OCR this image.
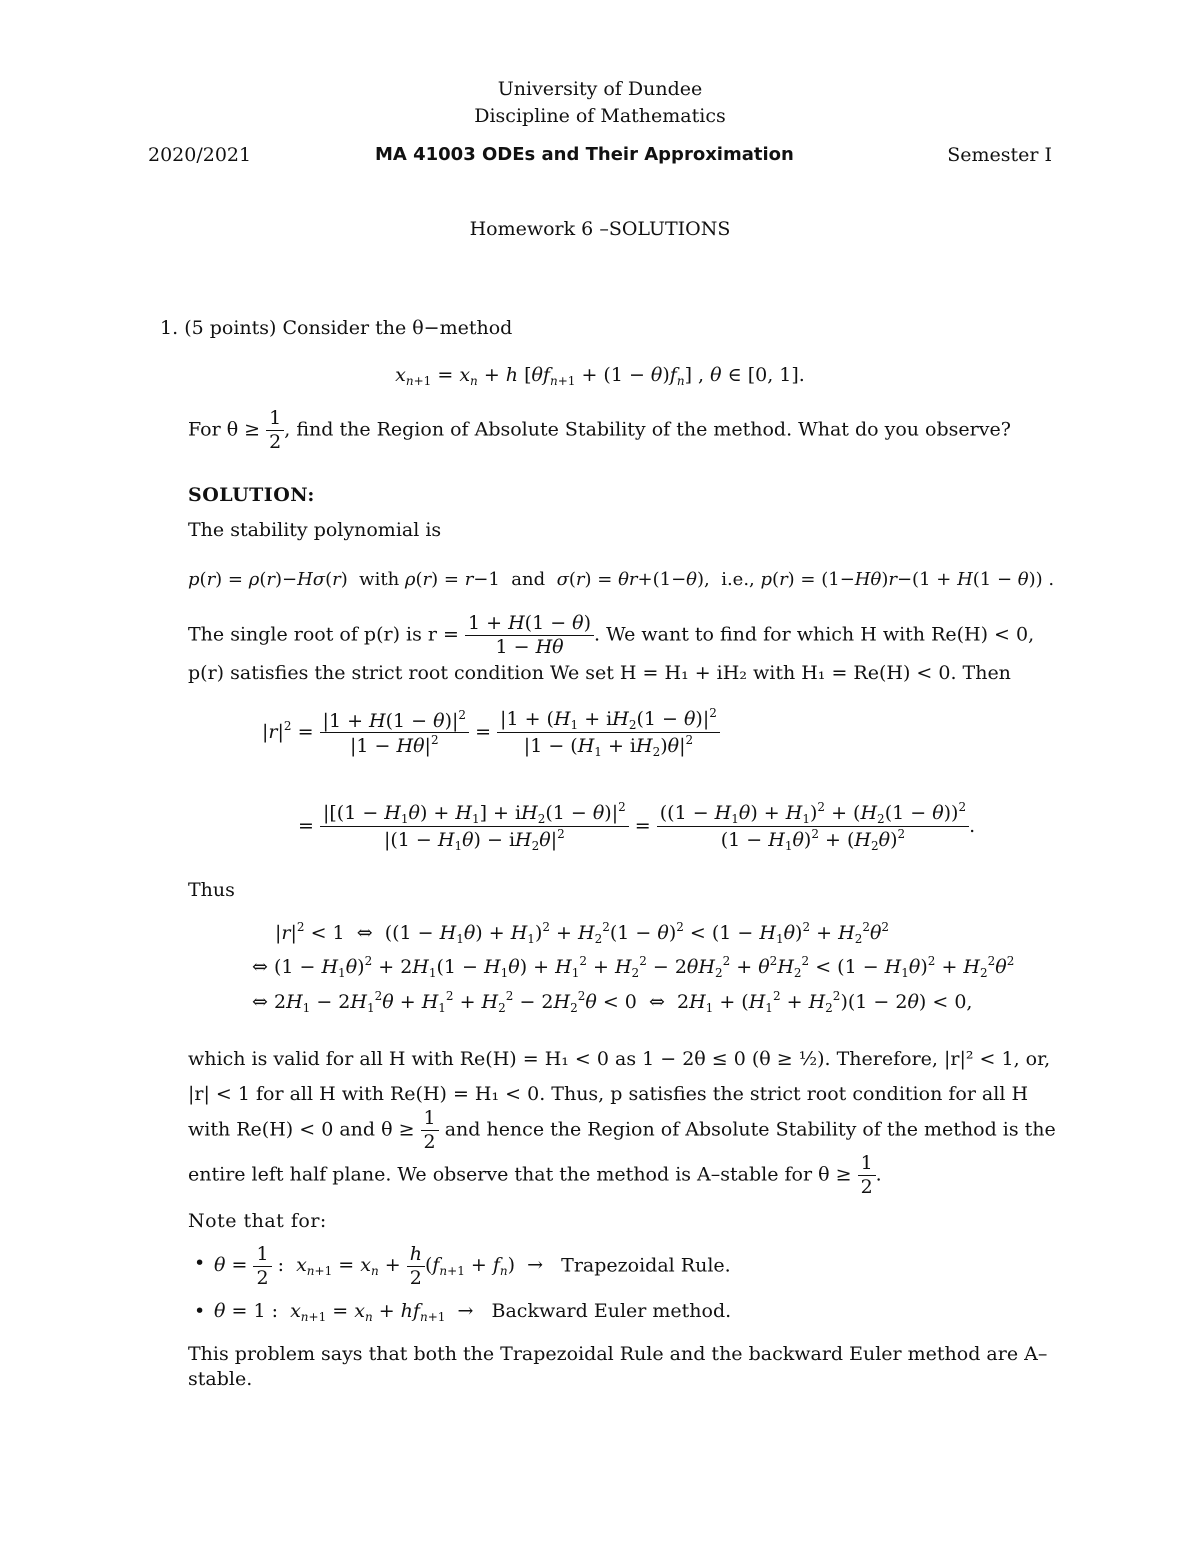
University of Dundee
Discipline of Mathematics
2020/2021	MA 41003 ODEs and Their Approximation	Semester I
Homework 6 –SOLUTIONS
1. (5 points) Consider the θ−method
$x_{n+1} = x_n + h$ $[\theta f_{n+1} + (1 - \theta)f_n]$ , θ ∈ [0, 1].
For $\theta \ge \frac{1}{2}$ , find the Region of Absolute Stability of the method. What do you observe?
SOLUTION:
The stability polynomial is
p(r) = ρ(r)−Hσ(r)  with ρ(r) = r−1  and  σ(r) = θr+(1−θ),  i.e., p(r) = (1−Hθ)r−(1 + H(1 − θ)) .
The single root of p(r) is $r = \frac{1 + H(1 - \theta)}{1 - H\theta}$ . We want to find for which H with Re(H) < 0,
p(r) satisfies the strict root condition We set H = H₁ + iH₂ with H₁ = Re(H) < 0. Then
$|r|^2 = \frac{|1 + H(1 - \theta)|^2}{|1 - H\theta|^2} = \frac{|1 + (H_1 + iH_2(1 - \theta)|^2}{|1 - (H_1 + iH_2)\theta|^2}$
= $\frac{|[(1 - H_1\theta) + H_1] + iH_2(1 - \theta)|^2}{|(1 - H_1\theta) - iH_2\theta|^2} = \frac{((1 - H_1\theta) + H_1)^2 + (H_2(1 - \theta))^2}{(1 - H_1\theta)^2 + (H_2\theta)^2}$ .
Thus
$|r|^2 < 1$  ⇔  $((1 - H_1\theta) + H_1)^2 + H_2^2(1 - \theta)^2 < (1 - H_1\theta)^2 + H_2^2\theta^2$
⇔ $(1 - H_1\theta)^2 + 2H_1(1 - H_1\theta) + H_1^2 + H_2^2 - 2\theta H_2^2 + \theta^2H_2^2 < (1 - H_1\theta)^2 + H_2^2\theta^2$
⇔ $2H_1 - 2H_1^2\theta + H_1^2 + H_2^2 - 2H_2^2\theta < 0$  ⇔  $2H_1 + (H_1^2 + H_2^2)(1 - 2\theta) < 0$,
which is valid for all H with Re(H) = H₁ < 0 as 1 − 2θ ≤ 0 (θ ≥ ½). Therefore, |r|² < 1, or,
|r| < 1 for all H with Re(H) = H₁ < 0. Thus, p satisfies the strict root condition for all H
with Re(H) < 0 and $\theta \ge \frac{1}{2}$ and hence the Region of Absolute Stability of the method is the
entire left half plane. We observe that the method is A–stable for $\theta \ge \frac{1}{2}$ .
Note that for:
• $\theta = \frac{1}{2}$ :  $x_{n+1} = x_n + \frac{h}{2} (f_{n+1} + f_n)$  →   Trapezoidal Rule.
• θ = 1 :  $x_{n+1} = x_n + hf_{n+1}$  →   Backward Euler method.
This problem says that both the Trapezoidal Rule and the backward Euler method are A–
stable.
